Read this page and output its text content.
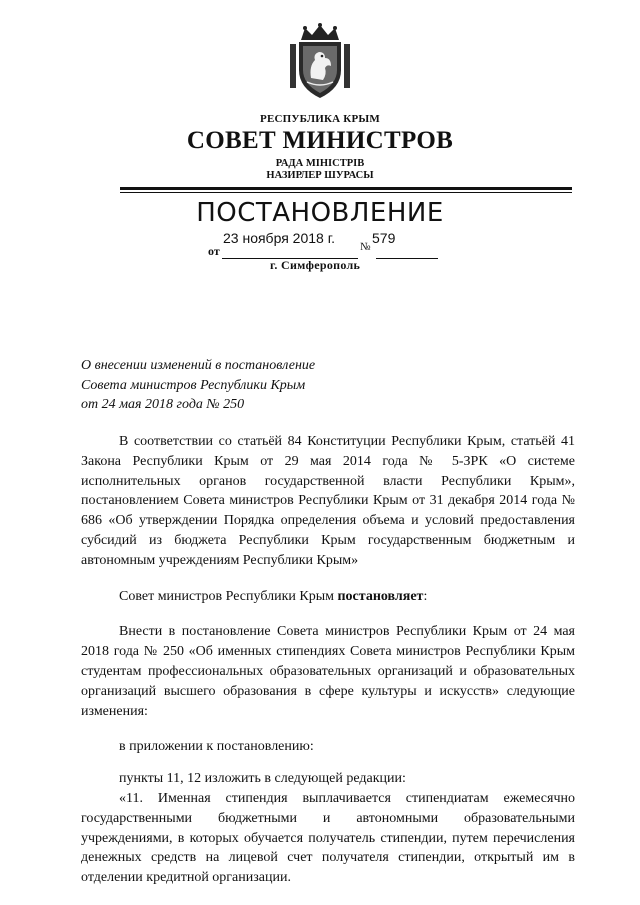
РЕСПУБЛИКА КРЫМ
СОВЕТ МИНИСТРОВ
РАДА МІНІСТРІВ
НАЗИРЛЕР ШУРАСЫ
ПОСТАНОВЛЕНИЕ
от
23 ноября 2018 г.
№
579
г. Симферополь
О внесении изменений в постановление
Совета министров Республики Крым
от 24 мая 2018 года № 250

В соответствии со статьёй 84 Конституции Республики Крым, статьёй 41 Закона Республики Крым от 29 мая 2014 года № 5-ЗРК «О системе исполнительных органов государственной власти Республики Крым», постановлением Совета министров Республики Крым от 31 декабря 2014 года № 686 «Об утверждении Порядка определения объема и условий предоставления субсидий из бюджета Республики Крым государственным бюджетным и автономным учреждениям Республики Крым»

Совет министров Республики Крым постановляет:

Внести в постановление Совета министров Республики Крым от 24 мая 2018 года № 250 «Об именных стипендиях Совета министров Республики Крым студентам профессиональных образовательных организаций и образовательных организаций высшего образования в сфере культуры и искусств» следующие изменения:

в приложении к постановлению:

пункты 11, 12 изложить в следующей редакции:

«11. Именная стипендия выплачивается стипендиатам ежемесячно государственными бюджетными и автономными образовательными учреждениями, в которых обучается получатель стипендии, путем перечисления денежных средств на лицевой счет получателя стипендии, открытый им в отделении кредитной организации.
